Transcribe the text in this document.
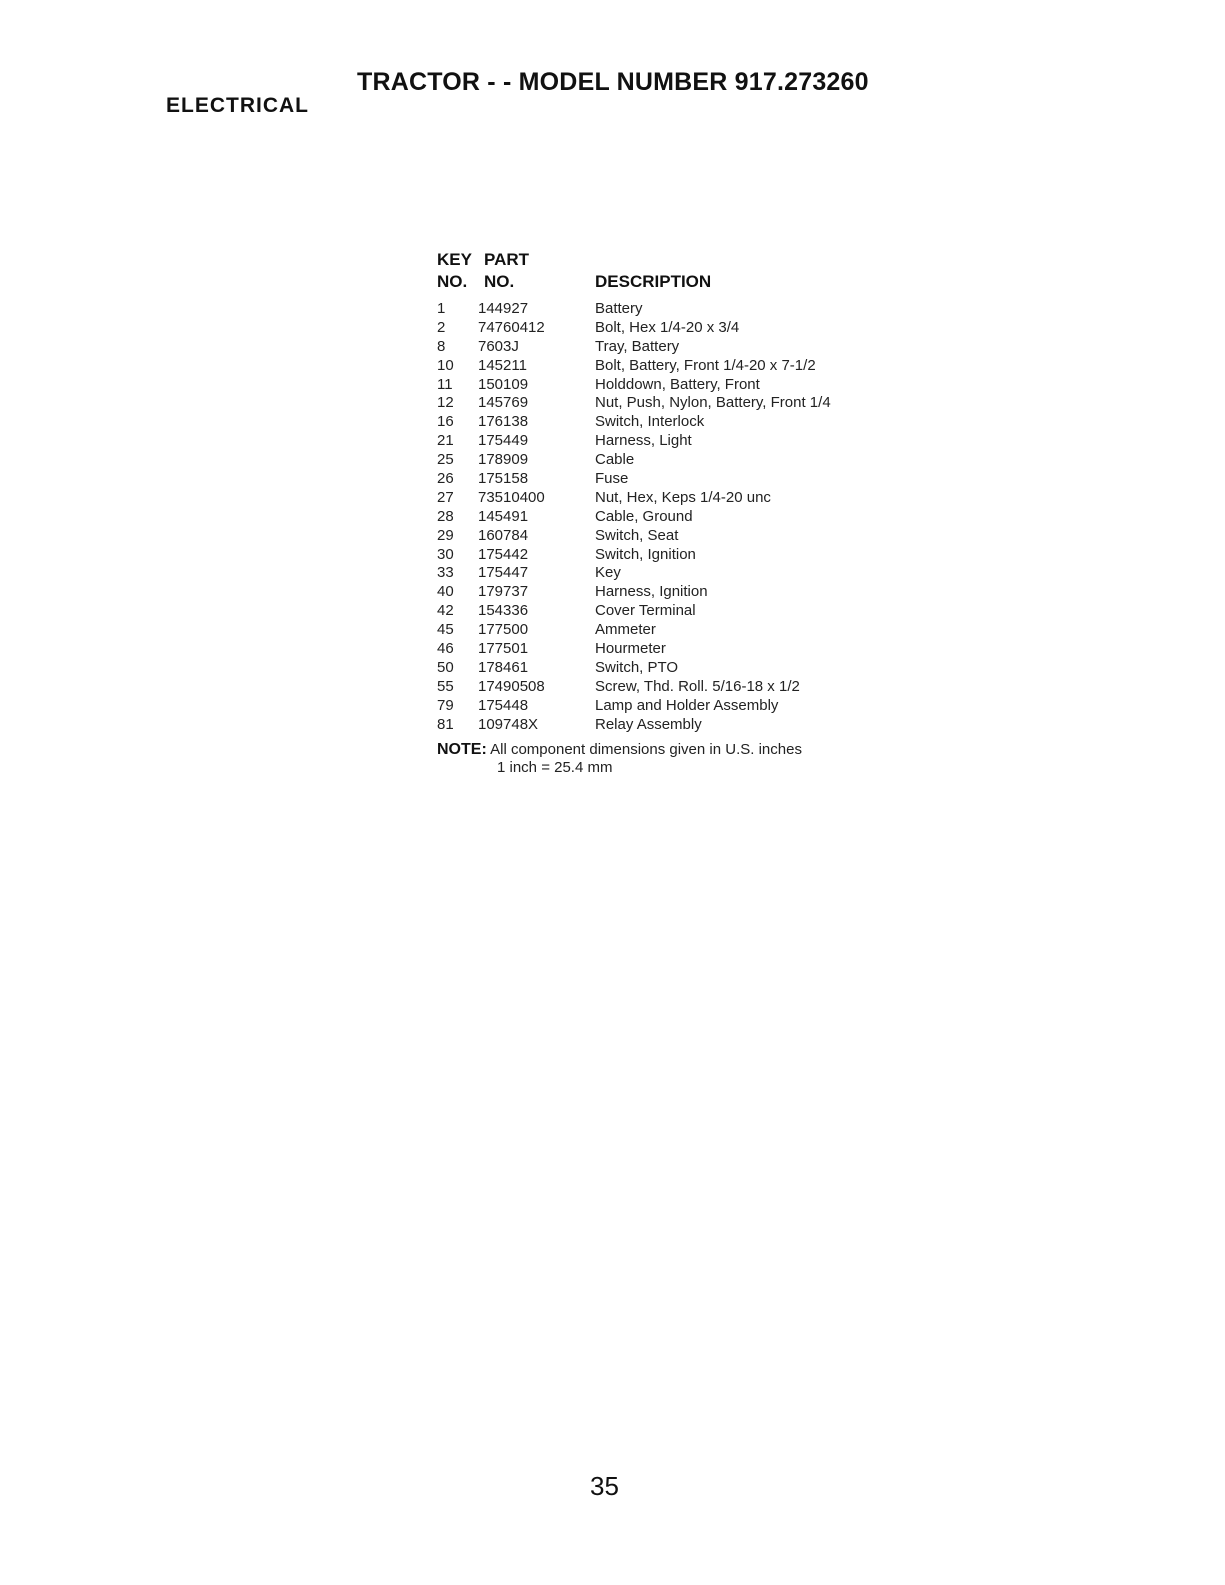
TRACTOR - - MODEL NUMBER 917.273260
ELECTRICAL
KEY PART
NO. NO.	DESCRIPTION
1 144927	Battery
2 74760412	Bolt, Hex 1/4-20 x 3/4
8 7603J	Tray, Battery
10 145211	Bolt, Battery, Front 1/4-20 x 7-1/2
11 150109	Holddown, Battery, Front
12 145769	Nut, Push, Nylon, Battery, Front 1/4
16 176138	Switch, Interlock
21 175449	Harness, Light
25 178909	Cable
26 175158	Fuse
27 73510400	Nut, Hex, Keps 1/4-20 unc
28 145491	Cable, Ground
29 160784	Switch, Seat
30 175442	Switch, Ignition
33 175447	Key
40 179737	Harness, Ignition
42 154336	Cover Terminal
45 177500	Ammeter
46 177501	Hourmeter
50 178461	Switch, PTO
55 17490508	Screw, Thd. Roll. 5/16-18 x 1/2
79 175448	Lamp and Holder Assembly
81 109748X	Relay Assembly
NOTE: All component dimensions given in U.S. inches
1 inch = 25.4 mm
35
